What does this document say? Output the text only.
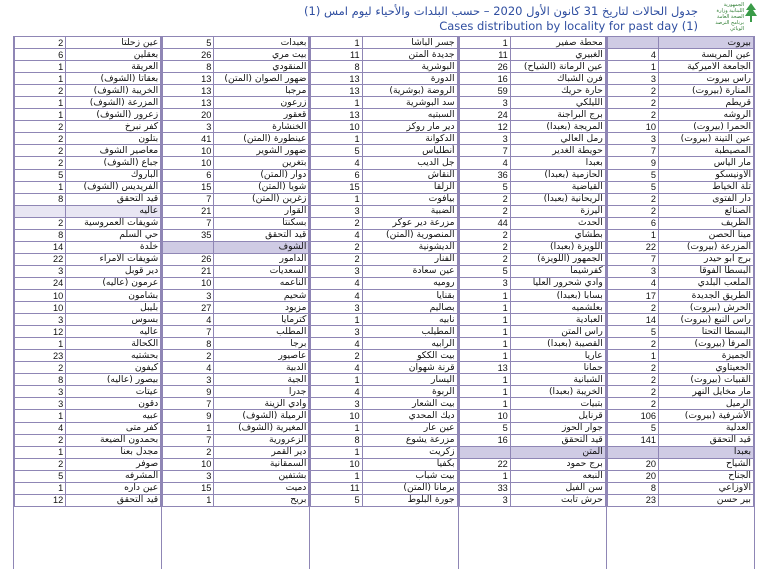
الجمهورية اللبنانية وزارة الصحة العامة برنامج الترصد الوبائي
جدول الحالات لتاريخ 31 كانون الأول 2020 – حسب البلدات والأحياء ليوم امس (1)
Cases distribution by locality for past day (1)
	بيروت
4	عين المريسة
1	الجامعة الاميركية
3	راس بيروت
2	المنارة (بيروت)
2	قريطم
2	الروشه
10	الحمرا (بيروت)
3	عين التينة (بيروت)
7	المصيطبة
9	مار الياس
5	الاونيسكو
5	تلة الخياط
2	دار الفتوى
2	الصنائع
6	الظريف
1	مينا الحصن
22	المزرعة (بيروت)
7	برج أبو حيدر
3	البسطا الفوقا
4	الملعب البلدي
17	الطريق الجديدة
2	الحرش (بيروت)
14	راس النبع (بيروت)
5	البسطا التحتا
2	المرفأ (بيروت)
1	الجميزة
2	الجعيتاوي
2	القبيات (بيروت)
2	مار مخايل النهر
2	الرميل
106	الأشرفية (بيروت)
5	العدلية
141	قيد التحقق
	بعبدا
20	الشياح
20	الجناح
8	الاوزاعي
23	بير حسن
1	محطة صفير
11	الغبيري
26	عين الرمانة (الشياح)
16	فرن الشباك
59	حارة حريك
3	الليلكي
24	برج البراجنة
12	المريجة (بعبدا)
3	رمل العالي
7	حويطة الغدير
4	بعبدا
36	الحازمية (بعبدا)
5	القياضية
2	الريحانية (بعبدا)
2	اليرزة
44	الحدث
2	بطشاي
2	اللويزة (بعبدا)
2	الجمهور (اللويزة)
5	كفرشيما
3	وادي شحرور العليا
1	بسابا (بعبدا)
1	بعلشميه
1	العبادية
1	راس المتن
1	القصيبة (بعبدا)
1	عاريا
13	حمانا
1	الشبانية
1	الخريبة (بعبدا)
1	بتبيات
10	قرنايل
5	جوار الحوز
16	قيد التحقق
	المتن
22	برج حمود
1	النبعه
33	سن الفيل
3	حرش تابت
1	جسر الباشا
11	جديدة المتن
8	البوشرية
13	الدورة
13	الروضة (بوشرية)
1	سد البوشرية
13	السبتيه
10	دير مار روكز
1	الدكوانة
5	أنطلياس
4	جل الديب
6	النقاش
15	الزلقا
1	بيافوت
3	الضبية
2	مزرعة دير عوكر
4	المنصورية (المتن)
2	الديشونية
2	الفنار
3	عين سعادة
4	روميه
4	بقنايا
3	بصاليم
1	نابيه
3	المطيلب
4	الرابيه
2	بيت الككو
4	قرنة شهوان
1	اليسار
4	الربوة
3	بيت الشعار
10	ديك المحدي
1	عين عار
8	مزرعة يشوع
1	زكريت
10	بكفيا
1	بيت شباب
11	برمانا (المتن)
5	جورة البلوط
5	بعبدات
26	بيت مري
8	المنقودي
13	ضهور الصوان (المتن)
13	مرجبا
13	زرعون
20	قعقور
3	الخنشارة
41	عينطورة (المتن)
10	ضهور الشوير
10	بتغرين
6	دوار (المتن)
15	شويا (المتن)
7	زغرين (المتن)
21	القوار
7	بسكنتا
35	قيد التحقق
	الشوف
26	الدامور
21	السعديات
10	الناعمه
3	شحيم
27	مزبود
4	كترمايا
7	المطلب
8	برجا
2	عاصيور
4	الدبية
3	الجية
9	جدرا
7	وادي الزينة
9	الرميلة (الشوف)
1	المغيرية (الشوف)
7	الزعرورية
2	دير القمر
10	السمقانية
3	بشتفين
15	دميت
1	بريح
2	عين زحلتا
6	بعقلين
1	العريقة
1	بعقاتا (الشوف)
2	الخريبة (الشوف)
1	المزرعة (الشوف)
1	زعرور (الشوف)
2	كفر نبرخ
2	بتلون
2	معاصير الشوف
2	جباع (الشوف)
5	الباروك
1	الفريديس (الشوف)
8	قيد التحقق
	عاليه
2	شويفات العمروسية
8	حي السلم
14	خلدة
22	شويفات الامراء
3	دير قوبل
24	عرمون (عاليه)
10	بشامون
10	بليبل
3	بسوس
12	عاليه
1	الكحالة
23	بحشتيه
2	كيفون
8	بيصور (عاليه)
3	عيتات
3	دقون
1	عبيه
4	كفر متى
2	بحمدون الضيعة
1	مجدل بعنا
2	صوفر
5	المشرفه
1	عين داره
12	قيد التحقق
